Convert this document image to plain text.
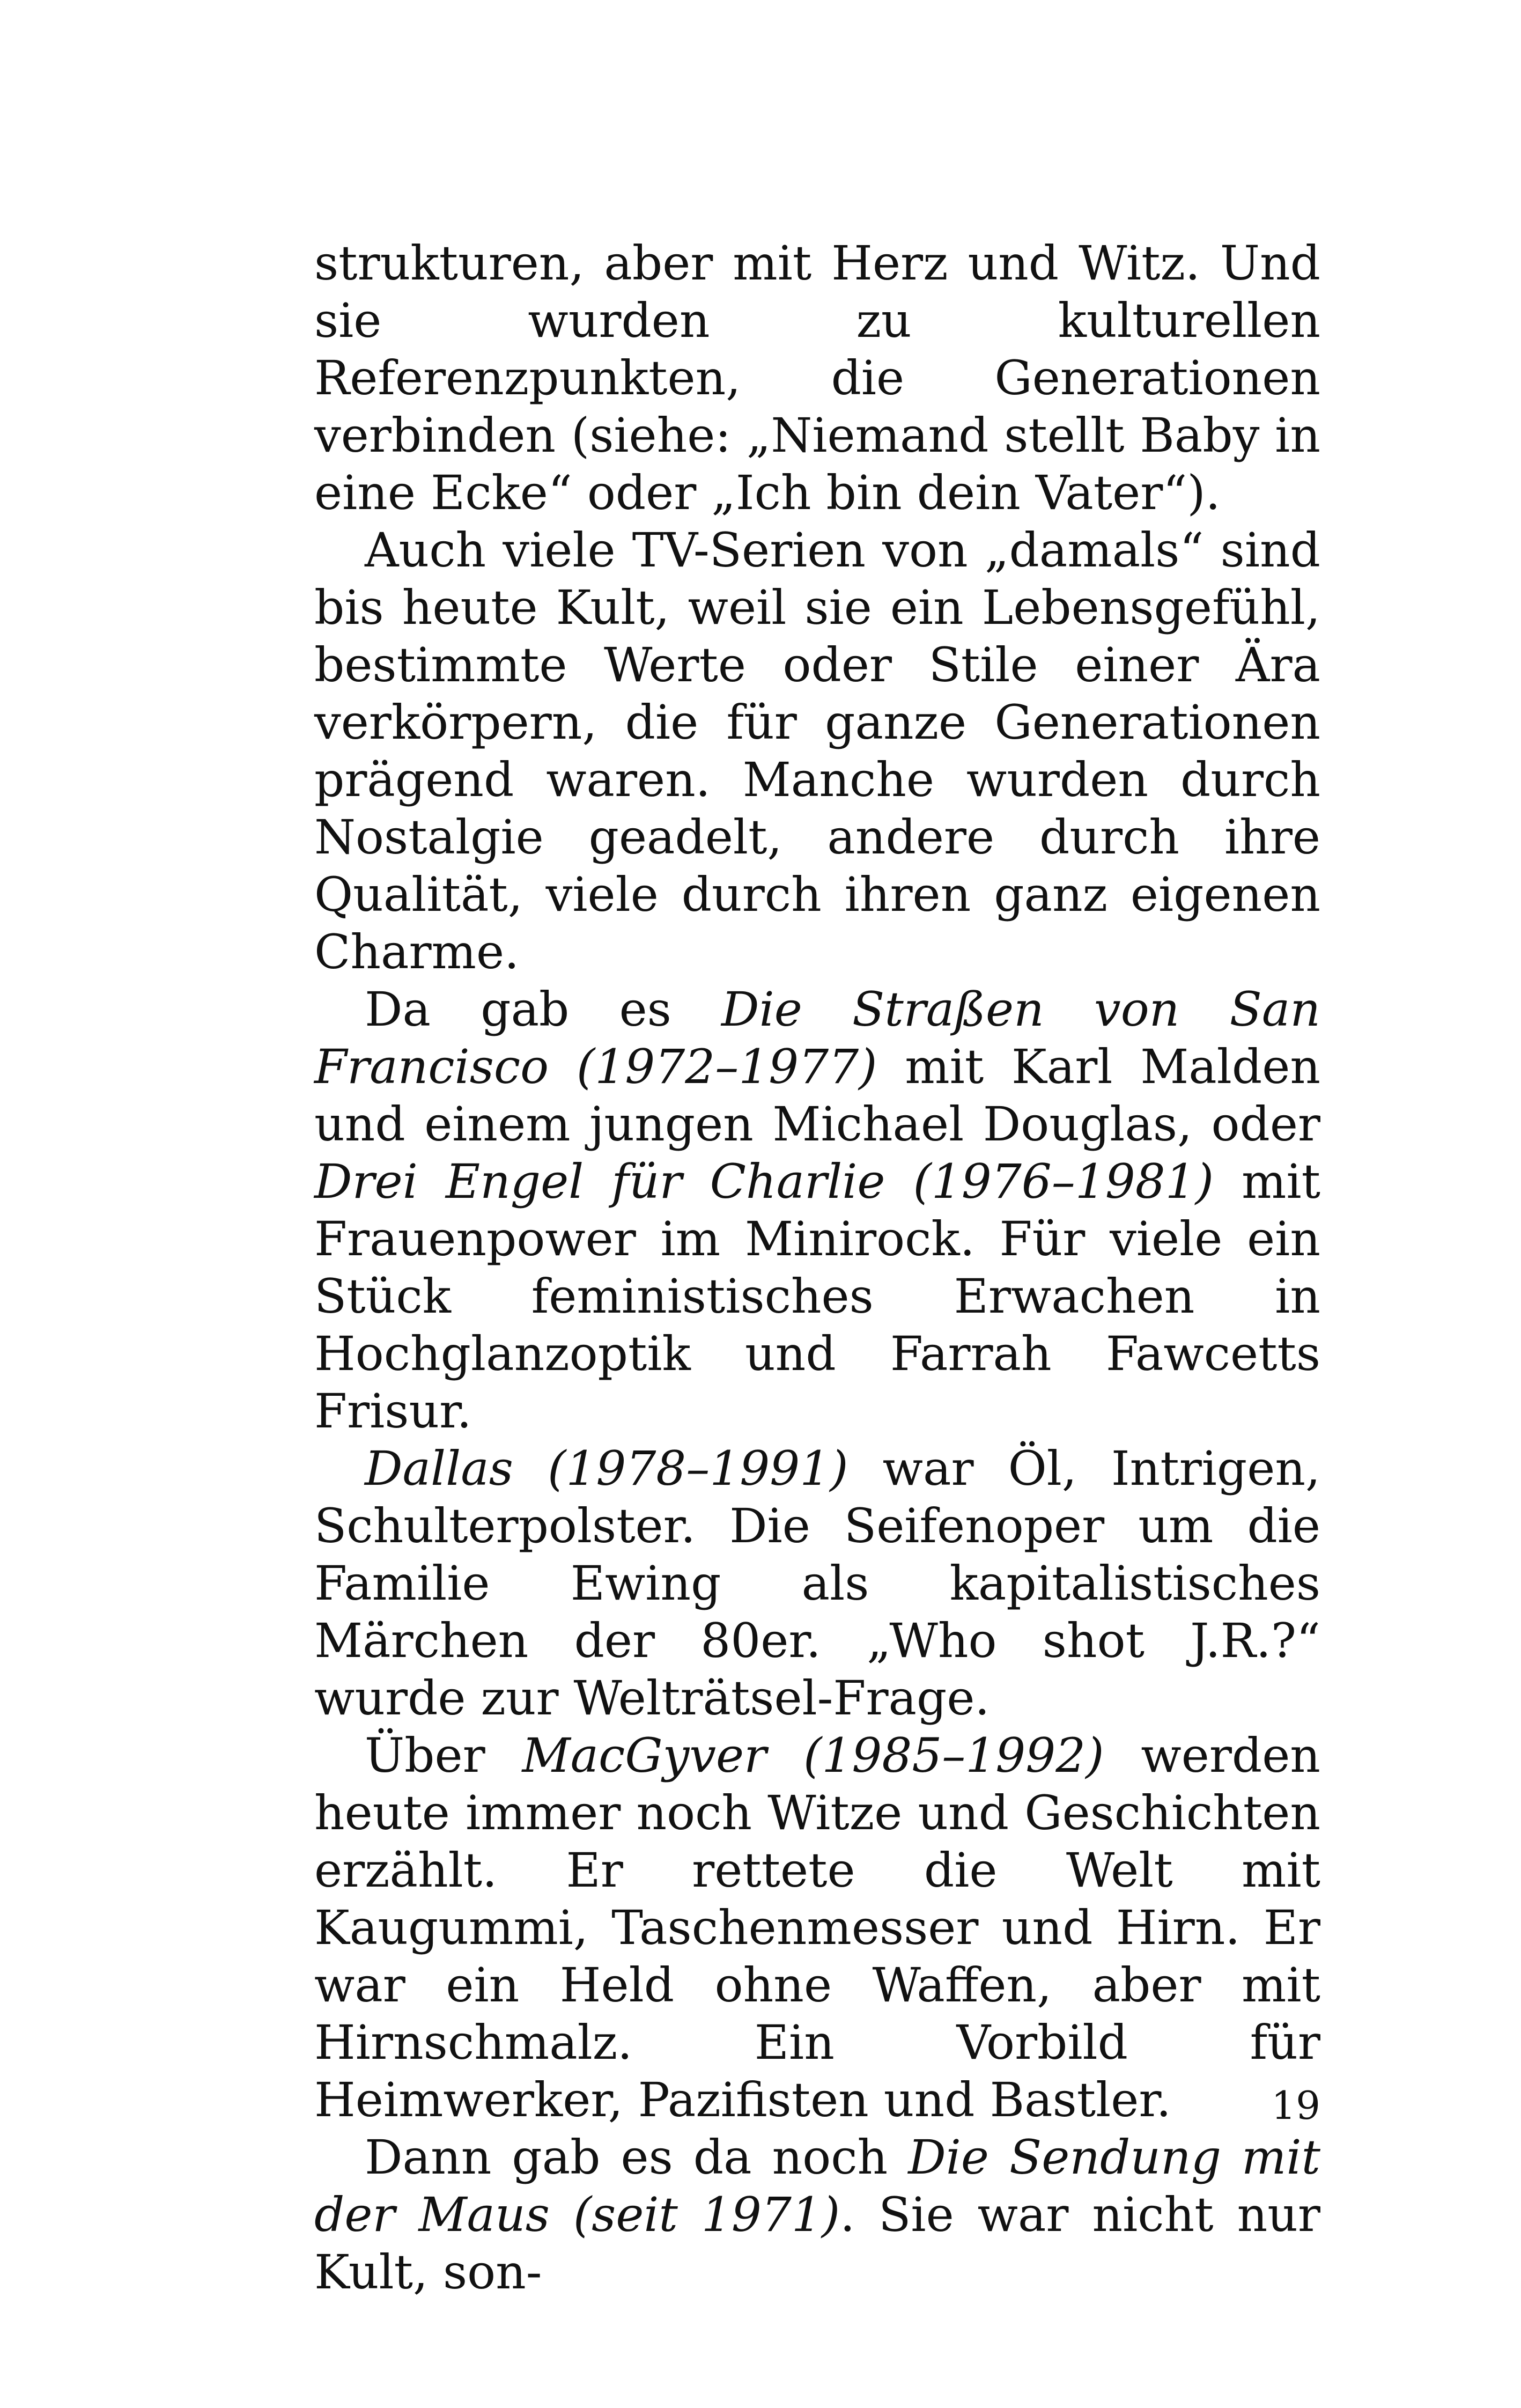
strukturen, aber mit Herz und Witz. Und sie wurden zu kulturellen Referenzpunkten, die Generationen verbinden (siehe: „Niemand stellt Baby in eine Ecke“ oder „Ich bin dein Vater“).

Auch viele TV-Serien von „damals“ sind bis heute Kult, weil sie ein Lebensgefühl, bestimmte Werte oder Stile einer Ära verkörpern, die für ganze Generationen prägend waren. Manche wurden durch Nostalgie geadelt, andere durch ihre Qualität, viele durch ihren ganz eigenen Charme.

Da gab es Die Straßen von San Francisco (1972–1977) mit Karl Malden und einem jungen Michael Douglas, oder Drei Engel für Charlie (1976–1981) mit Frauenpower im Minirock. Für viele ein Stück feministisches Erwachen in Hochglanzoptik und Farrah Fawcetts Frisur.

Dallas (1978–1991) war Öl, Intrigen, Schulterpolster. Die Seifenoper um die Familie Ewing als kapitalistisches Märchen der 80er. „Who shot J.R.?“ wurde zur Welträtsel-Frage.

Über MacGyver (1985–1992) werden heute immer noch Witze und Geschichten erzählt. Er rettete die Welt mit Kaugummi, Taschenmesser und Hirn. Er war ein Held ohne Waffen, aber mit Hirnschmalz. Ein Vorbild für Heimwerker, Pazifisten und Bastler.

Dann gab es da noch Die Sendung mit der Maus (seit 1971). Sie war nicht nur Kult, son-

19
